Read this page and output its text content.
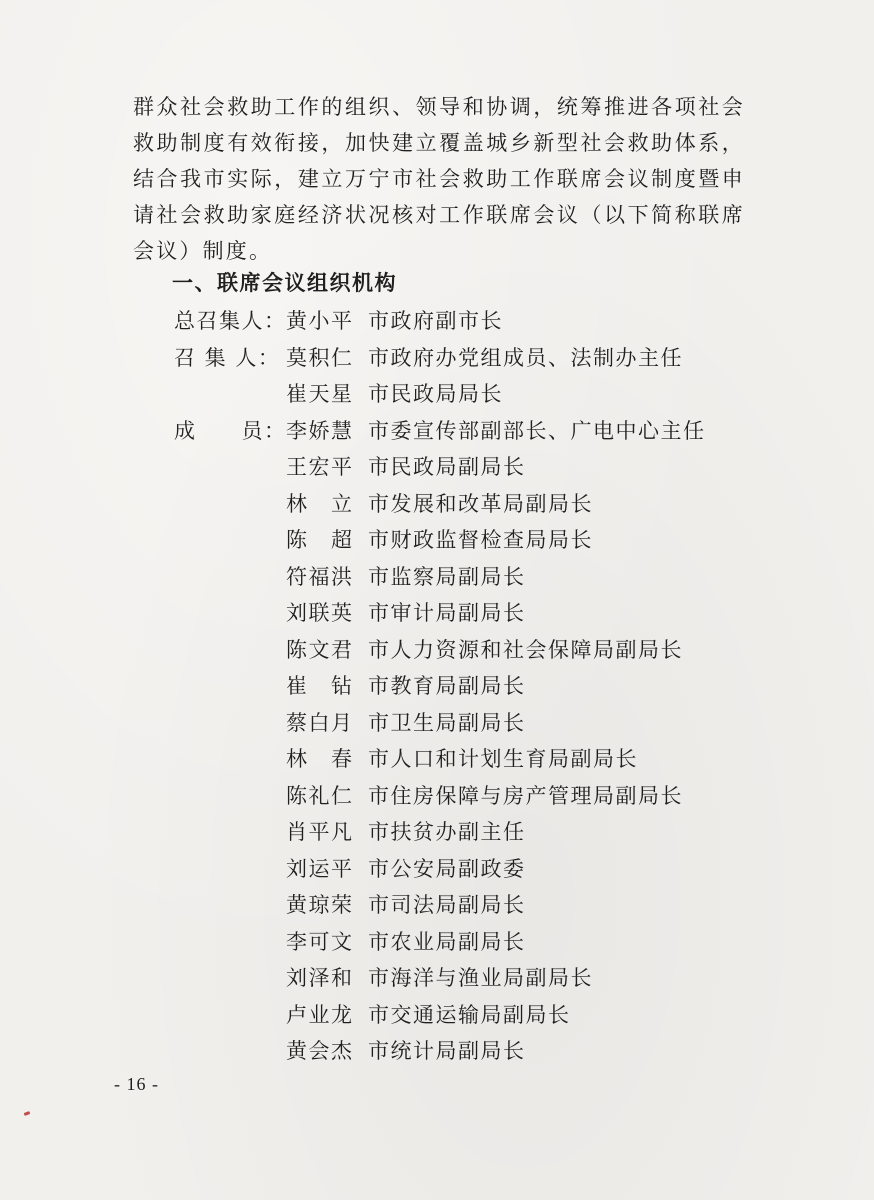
群众社会救助工作的组织、领导和协调，统筹推进各项社会救助制度有效衔接，加快建立覆盖城乡新型社会救助体系，结合我市实际，建立万宁市社会救助工作联席会议制度暨申请社会救助家庭经济状况核对工作联席会议（以下简称联席会议）制度。

一、联席会议组织机构
总召集人： 黄小平 市政府副市长
召 集 人： 莫积仁 市政府办党组成员、法制办主任
崔天星 市民政局局长
成　　员： 李娇慧 市委宣传部副部长、广电中心主任
王宏平 市民政局副局长
林　立 市发展和改革局副局长
陈　超 市财政监督检查局局长
符福洪 市监察局副局长
刘联英 市审计局副局长
陈文君 市人力资源和社会保障局副局长
崔　钻 市教育局副局长
蔡白月 市卫生局副局长
林　春 市人口和计划生育局副局长
陈礼仁 市住房保障与房产管理局副局长
肖平凡 市扶贫办副主任
刘运平 市公安局副政委
黄琼荣 市司法局副局长
李可文 市农业局副局长
刘泽和 市海洋与渔业局副局长
卢业龙 市交通运输局副局长
黄会杰 市统计局副局长
- 16 -
